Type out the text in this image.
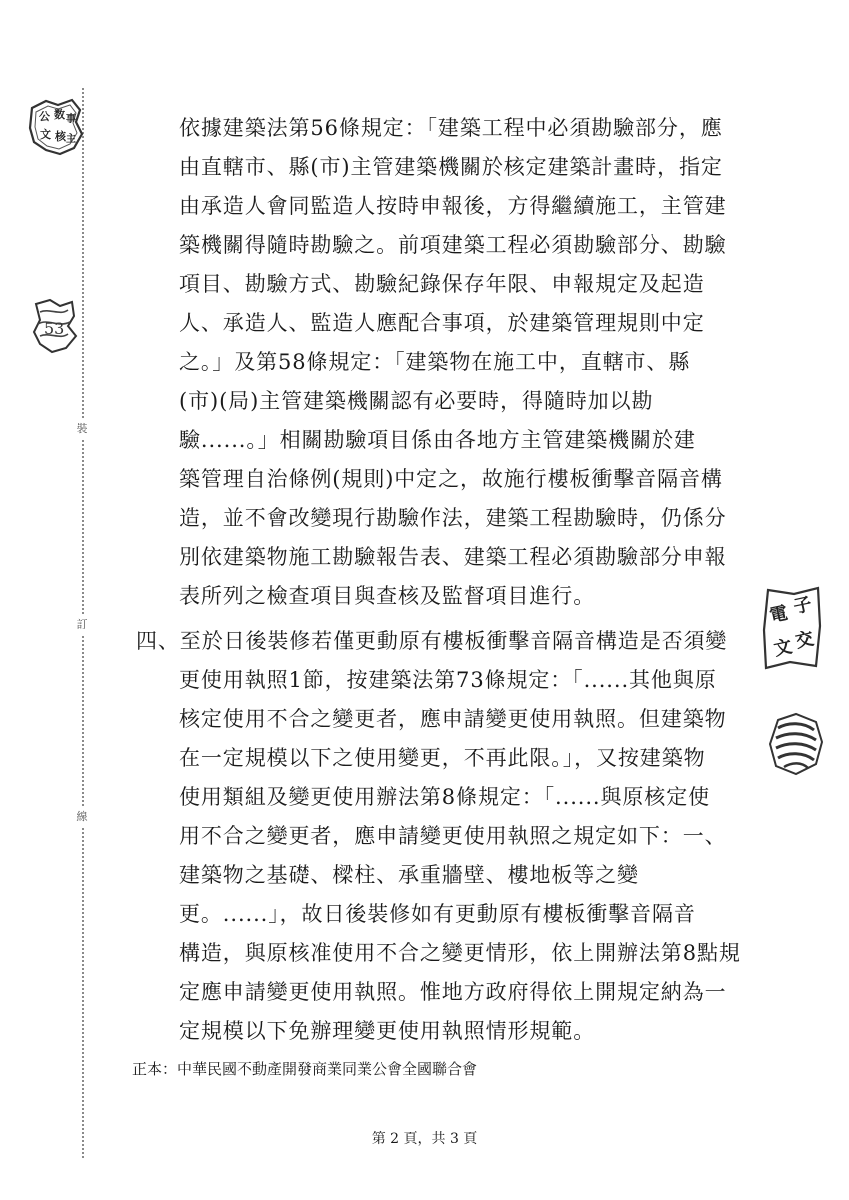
裝
訂
線
公 数 事
文 核 主
53
電 子
文 交
依據建築法第56條規定：「建築工程中必須勘驗部分，應
由直轄市、縣(市)主管建築機關於核定建築計畫時，指定
由承造人會同監造人按時申報後，方得繼續施工，主管建
築機關得隨時勘驗之。前項建築工程必須勘驗部分、勘驗
項目、勘驗方式、勘驗紀錄保存年限、申報規定及起造
人、承造人、監造人應配合事項，於建築管理規則中定
之。」及第58條規定：「建築物在施工中，直轄市、縣
(市)(局)主管建築機關認有必要時，得隨時加以勘
驗......。」相關勘驗項目係由各地方主管建築機關於建
築管理自治條例(規則)中定之，故施行樓板衝擊音隔音構
造，並不會改變現行勘驗作法，建築工程勘驗時，仍係分
別依建築物施工勘驗報告表、建築工程必須勘驗部分申報
表所列之檢查項目與查核及監督項目進行。
四、至於日後裝修若僅更動原有樓板衝擊音隔音構造是否須變
更使用執照1節，按建築法第73條規定：「......其他與原
核定使用不合之變更者，應申請變更使用執照。但建築物
在一定規模以下之使用變更，不再此限。」，又按建築物
使用類組及變更使用辦法第8條規定：「......與原核定使
用不合之變更者，應申請變更使用執照之規定如下：一、
建築物之基礎、樑柱、承重牆壁、樓地板等之變
更。......」，故日後裝修如有更動原有樓板衝擊音隔音
構造，與原核准使用不合之變更情形，依上開辦法第8點規
定應申請變更使用執照。惟地方政府得依上開規定納為一
定規模以下免辦理變更使用執照情形規範。
正本：中華民國不動產開發商業同業公會全國聯合會
第 2 頁，共 3 頁
